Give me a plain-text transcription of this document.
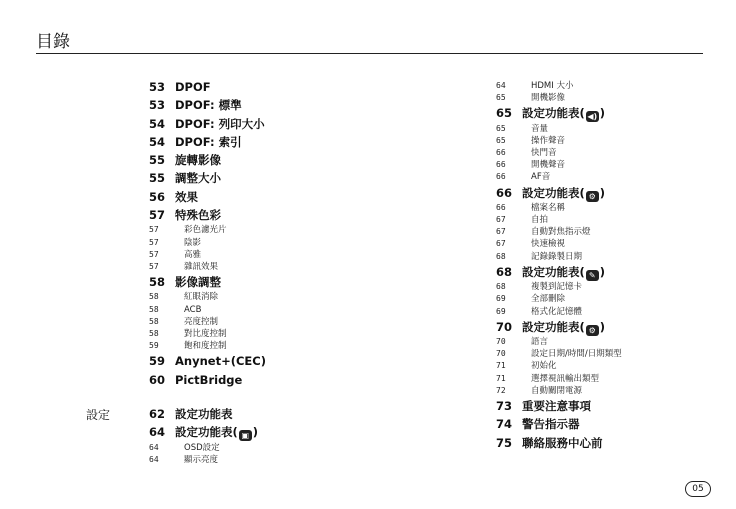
目錄
53 DPOF
53 DPOF: 標準
54 DPOF: 列印大小
54 DPOF: 索引
55 旋轉影像
55 調整大小
56 效果
57 特殊色彩
57	彩色濾光片
57	陰影
57	高雅
57	雜訊效果
58 影像調整
58	紅眼消除
58	ACB
58	亮度控制
58	對比度控制
59	飽和度控制
59 Anynet+(CEC)
60 PictBridge
設定	62 設定功能表
64 設定功能表( ▣ )
64	OSD設定
64	顯示亮度
64	HDMI 大小
65	開機影像
65 設定功能表( ◀) )
65	音量
65	操作聲音
66	快門音
66	開機聲音
66	AF音
66 設定功能表( ⚙ )
66	檔案名稱
67	自拍
67	自動對焦指示燈
67	快速檢視
68	記錄錄製日期
68 設定功能表( ✎ )
68	複製到記憶卡
69	全部刪除
69	格式化記憶體
70 設定功能表( ⚙ )
70	語言
70	設定日期/時間/日期類型
71	初始化
71	選擇視訊輸出類型
72	自動關閉電源
73 重要注意事項
74 警告指示器
75 聯絡服務中心前
05
